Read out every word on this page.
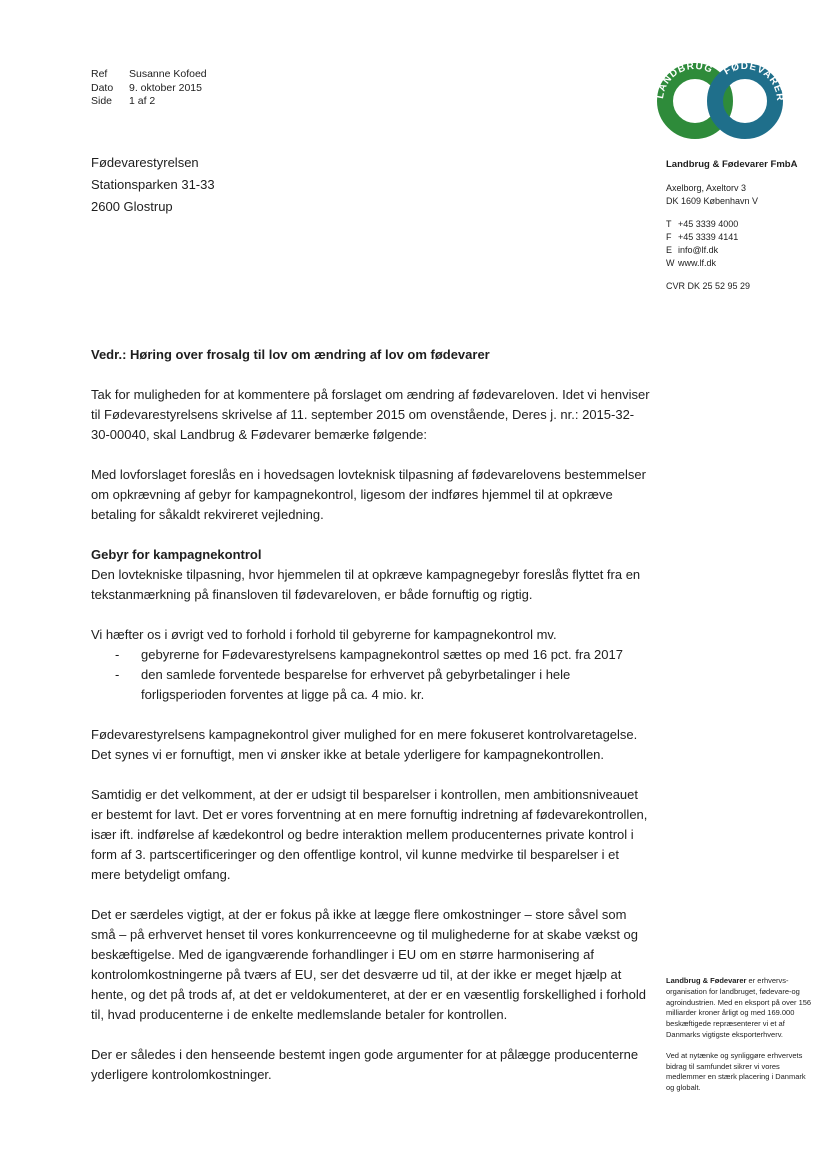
Ref	Susanne Kofoed
Dato	9. oktober 2015
Side	1 af 2	LANDBRUG FØDEVARER
Fødevarestyrelsen
Stationsparken 31-33
2600 Glostrup
Landbrug & Fødevarer FmbA
Axelborg, Axeltorv 3
DK 1609 København V
T +45 3339 4000
F +45 3339 4141
E info@lf.dk
W www.lf.dk
CVR DK 25 52 95 29

Vedr.: Høring over frosalg til lov om ændring af lov om fødevarer

Tak for muligheden for at kommentere på forslaget om ændring af fødevareloven. Idet vi henviser til Fødevarestyrelsens skrivelse af 11. september 2015 om ovenstående, Deres j. nr.: 2015-32-30-00040, skal Landbrug & Fødevarer bemærke følgende:

Med lovforslaget foreslås en i hovedsagen lovteknisk tilpasning af fødevarelovens bestemmelser om opkrævning af gebyr for kampagnekontrol, ligesom der indføres hjemmel til at opkræve betaling for såkaldt rekvireret vejledning.

Gebyr for kampagnekontrol

Den lovtekniske tilpasning, hvor hjemmelen til at opkræve kampagnegebyr foreslås flyttet fra en tekstanmærkning på finansloven til fødevareloven, er både fornuftig og rigtig.

Vi hæfter os i øvrigt ved to forhold i forhold til gebyrerne for kampagnekontrol mv.

-	gebyrerne for Fødevarestyrelsens kampagnekontrol sættes op med 16 pct. fra 2017
-	den samlede forventede besparelse for erhvervet på gebyrbetalinger i hele forligsperioden forventes at ligge på ca. 4 mio. kr.

Fødevarestyrelsens kampagnekontrol giver mulighed for en mere fokuseret kontrolvaretagelse. Det synes vi er fornuftigt, men vi ønsker ikke at betale yderligere for kampagnekontrollen.

Samtidig er det velkomment, at der er udsigt til besparelser i kontrollen, men ambitionsniveauet er bestemt for lavt. Det er vores forventning at en mere fornuftig indretning af fødevarekontrollen, især ift. indførelse af kædekontrol og bedre interaktion mellem producenternes private kontrol i form af 3. partscertificeringer og den offentlige kontrol, vil kunne medvirke til besparelser i et mere betydeligt omfang.

Det er særdeles vigtigt, at der er fokus på ikke at lægge flere omkostninger – store såvel som små – på erhvervet henset til vores konkurrenceevne og til mulighederne for at skabe vækst og beskæftigelse. Med de igangværende forhandlinger i EU om en større harmonisering af kontrolomkostningerne på tværs af EU, ser det desværre ud til, at der ikke er meget hjælp at hente, og det på trods af, at det er veldokumenteret, at der er en væsentlig forskellighed i forhold til, hvad producenterne i de enkelte medlemslande betaler for kontrollen.

Der er således i den henseende bestemt ingen gode argumenter for at pålægge producenterne yderligere kontrolomkostninger.

Landbrug & Fødevarer er erhvervs-organisation for landbruget, fødevare-og agroindustrien. Med en eksport på over 156 milliarder kroner årligt og med 169.000 beskæftigede repræsenterer vi et af Danmarks vigtigste eksporterhverv.

Ved at nytænke og synliggøre erhvervets bidrag til samfundet sikrer vi vores medlemmer en stærk placering i Danmark og globalt.
